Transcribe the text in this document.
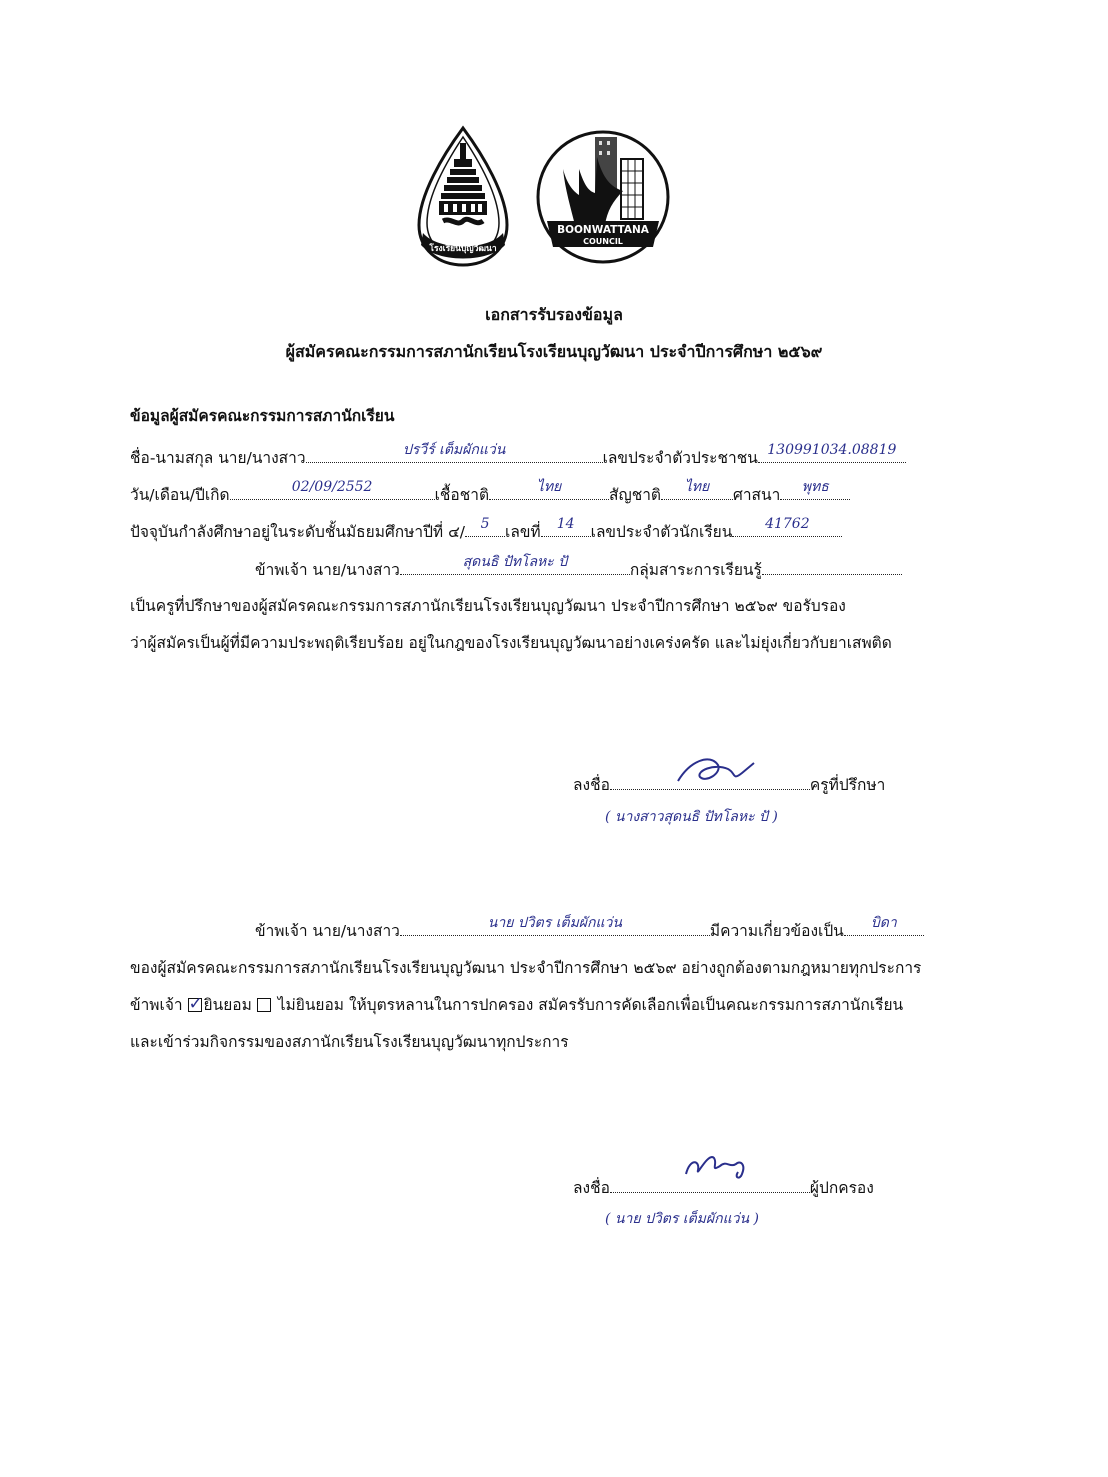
โรงเรียนบุญวัฒนา
BOONWATTANA
COUNCIL
เอกสารรับรองข้อมูล
ผู้สมัครคณะกรรมการสภานักเรียนโรงเรียนบุญวัฒนา ประจำปีการศึกษา ๒๕๖๙
ข้อมูลผู้สมัครคณะกรรมการสภานักเรียน
ชื่อ-นามสกุล นาย/นางสาว	ปรวีร์ เต็มผักแว่น	เลขประจำตัวประชาชน 130991034.08819
วัน/เดือน/ปีเกิด	02/09/2552	เชื้อชาติ	ไทย	สัญชาติ	ไทย	ศาสนา	พุทธ
ปัจจุบันกำลังศึกษาอยู่ในระดับชั้นมัธยมศึกษาปีที่ ๔/	5	เลขที่	14	เลขประจำตัวนักเรียน	41762
ข้าพเจ้า นาย/นางสาว	สุดนธิ ปัทโลหะ ปั	กลุ่มสาระการเรียนรู้
เป็นครูที่ปรึกษาของผู้สมัครคณะกรรมการสภานักเรียนโรงเรียนบุญวัฒนา ประจำปีการศึกษา ๒๕๖๙ ขอรับรอง
ว่าผู้สมัครเป็นผู้ที่มีความประพฤติเรียบร้อย อยู่ในกฎของโรงเรียนบุญวัฒนาอย่างเคร่งครัด และไม่ยุ่งเกี่ยวกับยาเสพติด
ลงชื่อ	ครูที่ปรึกษา
( นางสาวสุดนธิ ปัทโลหะ ปั )
ข้าพเจ้า นาย/นางสาว	นาย ปวิตร เต็มผักแว่น	มีความเกี่ยวข้องเป็น	บิดา
ของผู้สมัครคณะกรรมการสภานักเรียนโรงเรียนบุญวัฒนา ประจำปีการศึกษา ๒๕๖๙ อย่างถูกต้องตามกฎหมายทุกประการ
ข้าพเจ้า ✓ ยินยอม ไม่ยินยอม ให้บุตรหลานในการปกครอง สมัครรับการคัดเลือกเพื่อเป็นคณะกรรมการสภานักเรียน
และเข้าร่วมกิจกรรมของสภานักเรียนโรงเรียนบุญวัฒนาทุกประการ
ลงชื่อ	ผู้ปกครอง
( นาย ปวิตร เต็มผักแว่น )
